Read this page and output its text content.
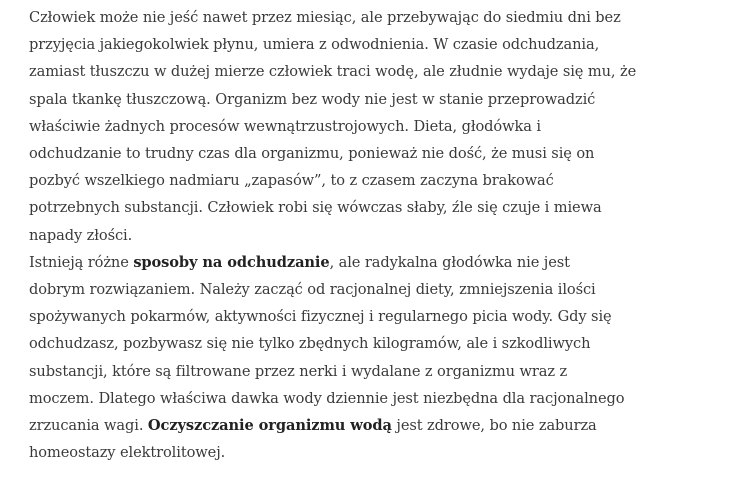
Człowiek może nie jeść nawet przez miesiąc, ale przebywając do siedmiu dni bez
przyjęcia jakiegokolwiek płynu, umiera z odwodnienia. W czasie odchudzania,
zamiast tłuszczu w dużej mierze człowiek traci wodę, ale złudnie wydaje się mu, że
spala tkankę tłuszczową. Organizm bez wody nie jest w stanie przeprowadzić
właściwie żadnych procesów wewnątrzustrojowych. Dieta, głodówka i
odchudzanie to trudny czas dla organizmu, ponieważ nie dość, że musi się on
pozbyć wszelkiego nadmiaru „zapasów”, to z czasem zaczyna brakować
potrzebnych substancji. Człowiek robi się wówczas słaby, źle się czuje i miewa
napady złości.

Istnieją różne sposoby na odchudzanie, ale radykalna głodówka nie jest
dobrym rozwiązaniem. Należy zacząć od racjonalnej diety, zmniejszenia ilości
spożywanych pokarmów, aktywności fizycznej i regularnego picia wody. Gdy się
odchudzasz, pozbywasz się nie tylko zbędnych kilogramów, ale i szkodliwych
substancji, które są filtrowane przez nerki i wydalane z organizmu wraz z
moczem. Dlatego właściwa dawka wody dziennie jest niezbędna dla racjonalnego
zrzucania wagi. Oczyszczanie organizmu wodą jest zdrowe, bo nie zaburza
homeostazy elektrolitowej.
